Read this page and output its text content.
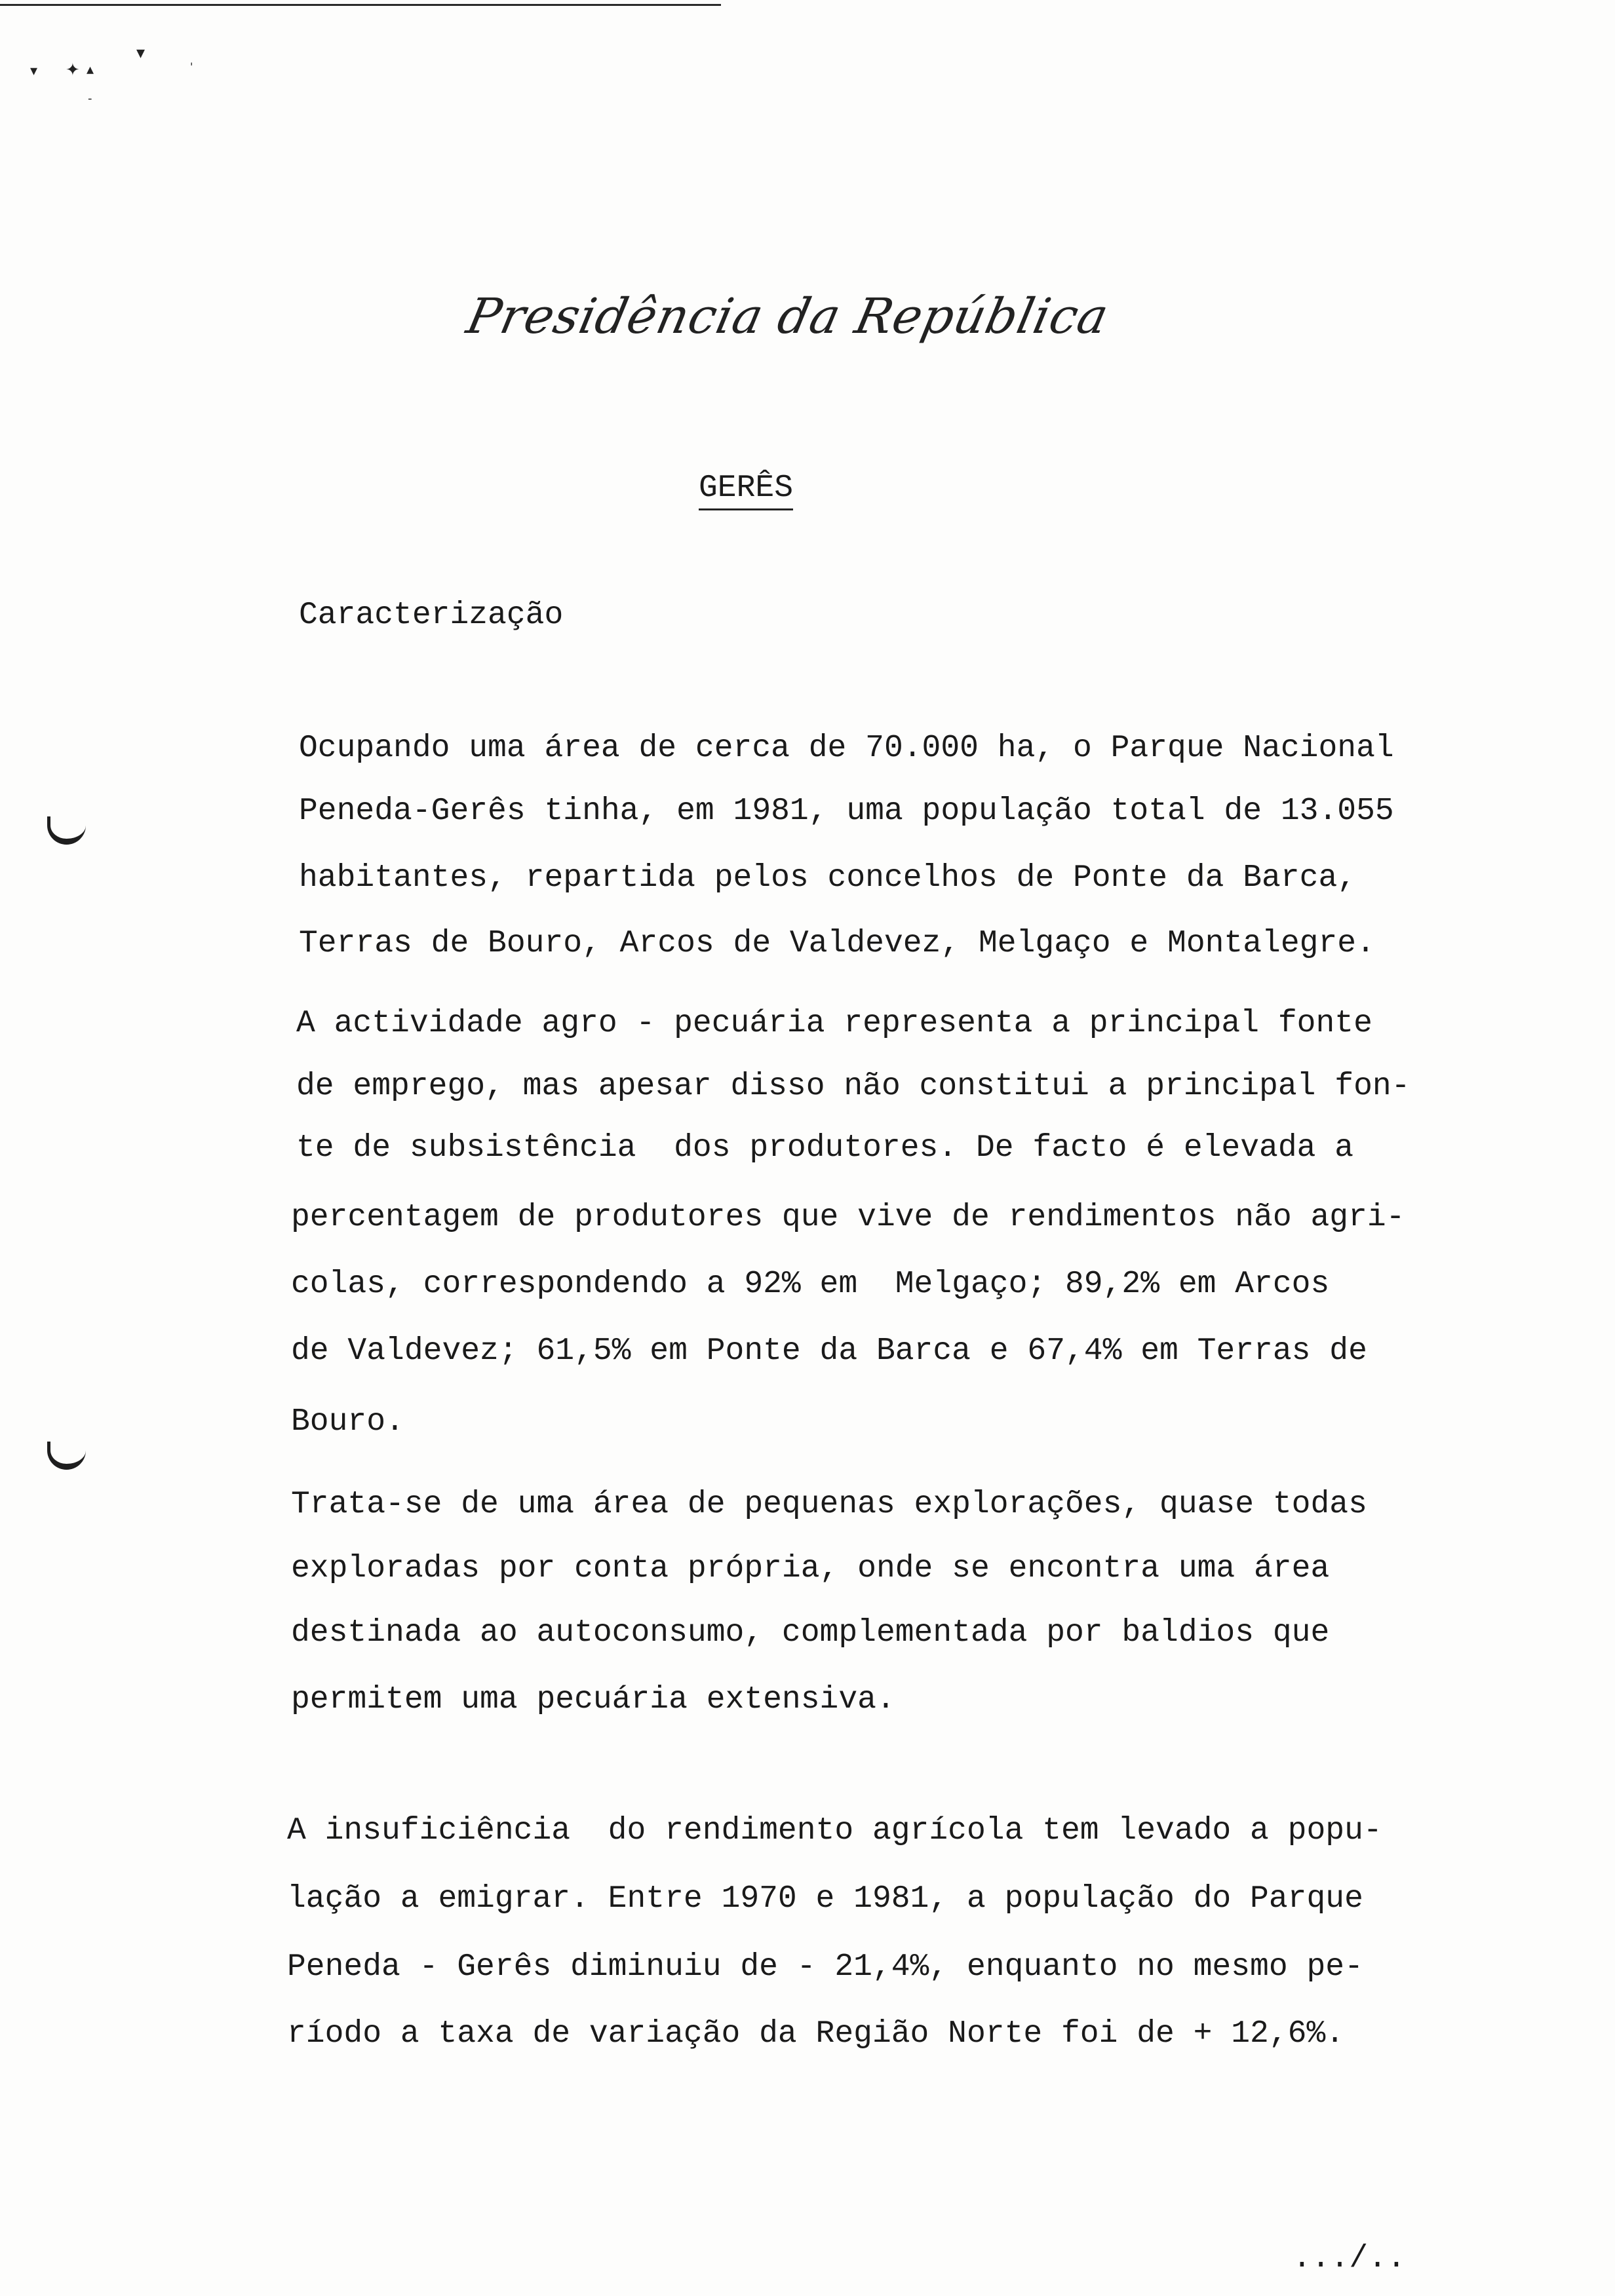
▾ ✦ ▴
▾
'
-
Presidência da República
GERÊS
Caracterização
Ocupando uma área de cerca de 70.000 ha, o Parque Nacional
Peneda-Gerês tinha, em 1981, uma população total de 13.055
habitantes, repartida pelos concelhos de Ponte da Barca,
Terras de Bouro, Arcos de Valdevez, Melgaço e Montalegre.
A actividade agro - pecuária representa a principal fonte
de emprego, mas apesar disso não constitui a principal fon-
te de subsistência  dos produtores. De facto é elevada a
percentagem de produtores que vive de rendimentos não agri-
colas, correspondendo a 92% em  Melgaço; 89,2% em Arcos
de Valdevez; 61,5% em Ponte da Barca e 67,4% em Terras de
Bouro.
Trata-se de uma área de pequenas explorações, quase todas
exploradas por conta própria, onde se encontra uma área
destinada ao autoconsumo, complementada por baldios que
permitem uma pecuária extensiva.
A insuficiência  do rendimento agrícola tem levado a popu-
lação a emigrar. Entre 1970 e 1981, a população do Parque
Peneda - Gerês diminuiu de - 21,4%, enquanto no mesmo pe-
ríodo a taxa de variação da Região Norte foi de + 12,6%.
.../..
